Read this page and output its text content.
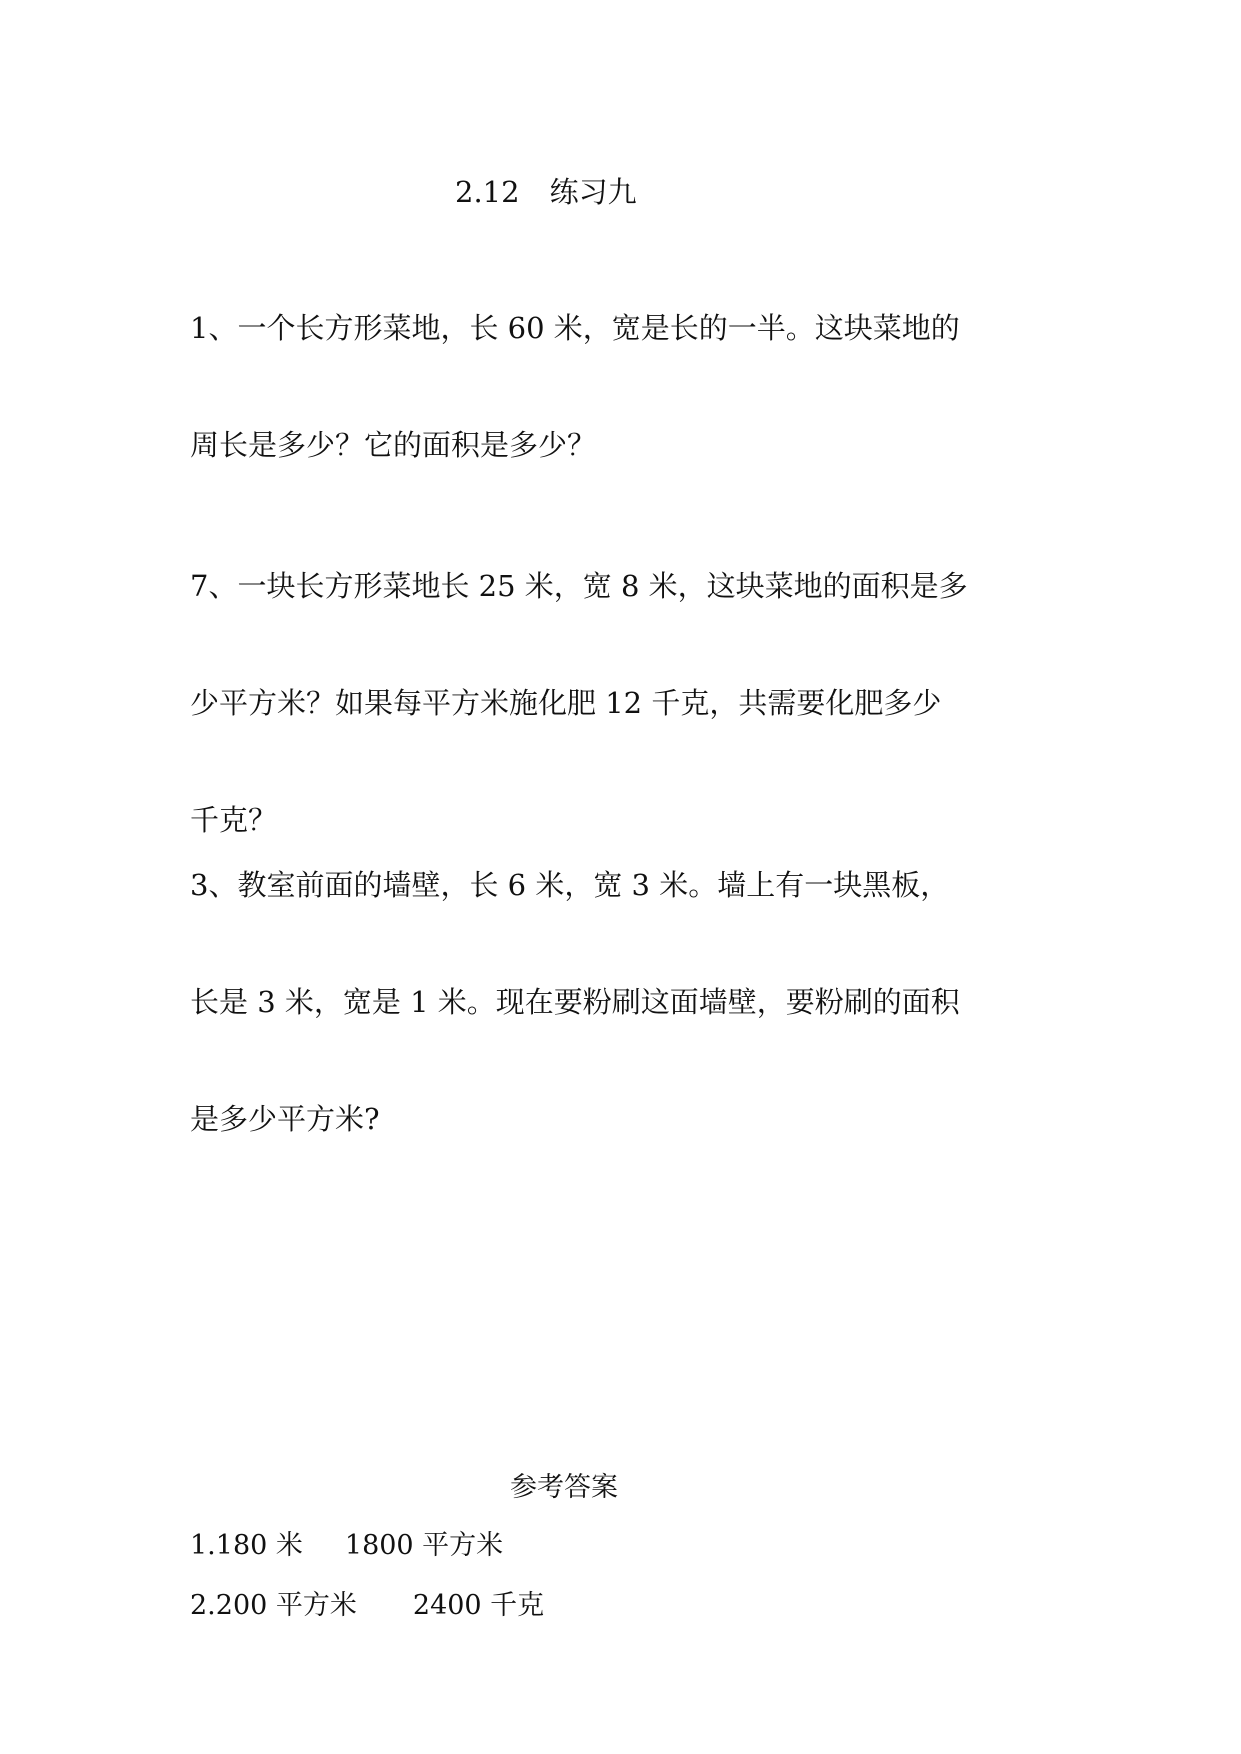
2.12 练习九

1、一个长方形菜地，长 60 米，宽是长的一半。这块菜地的

周长是多少？它的面积是多少？

7、一块长方形菜地长 25 米，宽 8 米，这块菜地的面积是多

少平方米？如果每平方米施化肥 12 千克，共需要化肥多少

千克？

3、教室前面的墙壁，长 6 米，宽 3 米。墙上有一块黑板，

长是 3 米，宽是 1 米。现在要粉刷这面墙壁，要粉刷的面积

是多少平方米?

参考答案
1.180 米 1800 平方米
2.200 平方米 2400 千克
